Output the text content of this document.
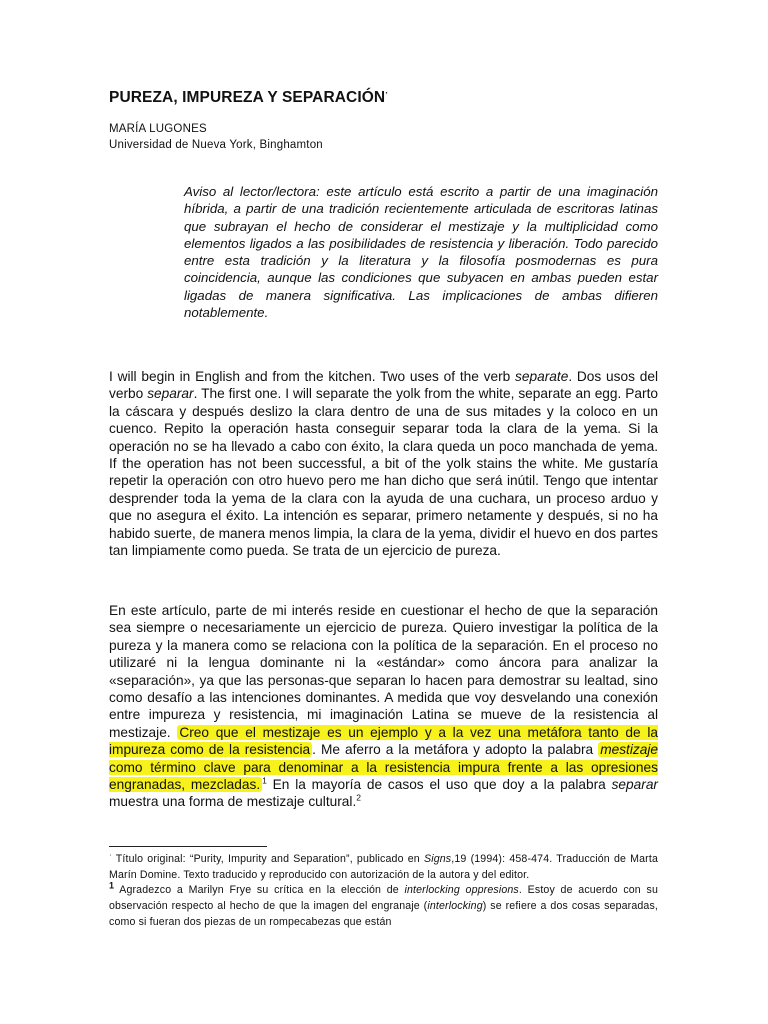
PUREZA, IMPUREZA Y SEPARACIÓN·
MARÍA LUGONES
Universidad de Nueva York, Binghamton
Aviso al lector/lectora: este artículo está escrito a partir de una imaginación híbrida, a partir de una tradición recientemente articulada de escritoras latinas que subrayan el hecho de considerar el mestizaje y la multiplicidad como elementos ligados a las posibilidades de resistencia y liberación. Todo parecido entre esta tradición y la literatura y la filosofía posmodernas es pura coincidencia, aunque las condiciones que subyacen en ambas pueden estar ligadas de manera significativa. Las implicaciones de ambas difieren notablemente.
I will begin in English and from the kitchen. Two uses of the verb separate. Dos usos del verbo separar. The first one. I will separate the yolk from the white, separate an egg. Parto la cáscara y después deslizo la clara dentro de una de sus mitades y la coloco en un cuenco. Repito la operación hasta conseguir separar toda la clara de la yema. Si la operación no se ha llevado a cabo con éxito, la clara queda un poco manchada de yema. If the operation has not been successful, a bit of the yolk stains the white. Me gustaría repetir la operación con otro huevo pero me han dicho que será inútil. Tengo que intentar desprender toda la yema de la clara con la ayuda de una cuchara, un proceso arduo y que no asegura el éxito. La intención es separar, primero netamente y después, si no ha habido suerte, de manera menos limpia, la clara de la yema, dividir el huevo en dos partes tan limpiamente como pueda. Se trata de un ejercicio de pureza.
En este artículo, parte de mi interés reside en cuestionar el hecho de que la separación sea siempre o necesariamente un ejercicio de pureza. Quiero investigar la política de la pureza y la manera como se relaciona con la política de la separación. En el proceso no utilizaré ni la lengua dominante ni la «estándar» como áncora para analizar la «separación», ya que las personas-que separan lo hacen para demostrar su lealtad, sino como desafío a las intenciones dominantes. A medida que voy desvelando una conexión entre impureza y resistencia, mi imaginación Latina se mueve de la resistencia al mestizaje. Creo que el mestizaje es un ejemplo y a la vez una metáfora tanto de la impureza como de la resistencia . Me aferro a la metáfora y adopto la palabra mestizaje como término clave para denominar a la resistencia impura frente a las opresiones engranadas, mezcladas. $^1$ En la mayoría de casos el uso que doy a la palabra separar muestra una forma de mestizaje cultural.$^2$

· Título original: “Purity, Impurity and Separation”, publicado en Signs,19 (1994): 458-474. Traducción de Marta Marín Domine. Texto traducido y reproducido con autorización de la autora y del editor.

$^1$ Agradezco a Marilyn Frye su crítica en la elección de interlocking oppresions. Estoy de acuerdo con su observación respecto al hecho de que la imagen del engranaje (interlocking) se refiere a dos cosas separadas, como si fueran dos piezas de un rompecabezas que están
